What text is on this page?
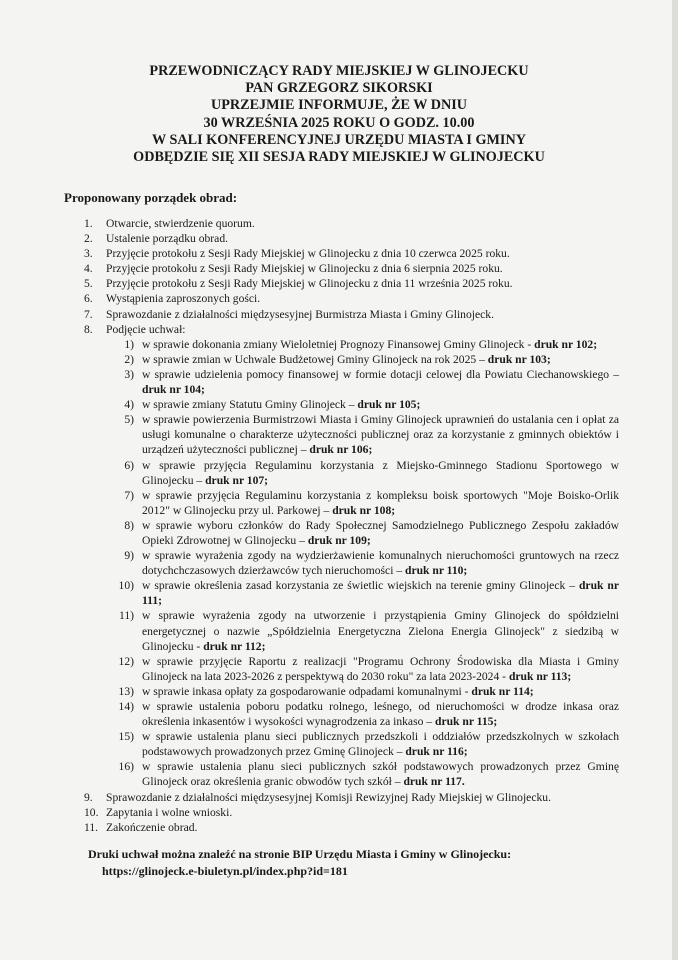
PRZEWODNICZĄCY RADY MIEJSKIEJ W GLINOJECKU
PAN GRZEGORZ SIKORSKI
UPRZEJMIE INFORMUJE, ŻE W DNIU
30 WRZEŚNIA 2025 ROKU O GODZ. 10.00
W SALI KONFERENCYJNEJ URZĘDU MIASTA I GMINY
ODBĘDZIE SIĘ XII SESJA RADY MIEJSKIEJ W GLINOJECKU
Proponowany porządek obrad:
1.	Otwarcie, stwierdzenie quorum.
2.	Ustalenie porządku obrad.
3.	Przyjęcie protokołu z Sesji Rady Miejskiej w Glinojecku z dnia 10 czerwca 2025 roku.
4.	Przyjęcie protokołu z Sesji Rady Miejskiej w Glinojecku z dnia 6 sierpnia 2025 roku.
5.	Przyjęcie protokołu z Sesji Rady Miejskiej w Glinojecku z dnia 11 września 2025 roku.
6.	Wystąpienia zaproszonych gości.
7.	Sprawozdanie z działalności międzysesyjnej Burmistrza Miasta i Gminy Glinojeck.
8.	Podjęcie uchwał:
1) w sprawie dokonania zmiany Wieloletniej Prognozy Finansowej Gminy Glinojeck - druk nr 102;
2) w sprawie zmian w Uchwale Budżetowej Gminy Glinojeck na rok 2025 – druk nr 103;
3) w sprawie udzielenia pomocy finansowej w formie dotacji celowej dla Powiatu Ciechanowskiego – druk nr 104;
4) w sprawie zmiany Statutu Gminy Glinojeck – druk nr 105;
5) w sprawie powierzenia Burmistrzowi Miasta i Gminy Glinojeck uprawnień do ustalania cen i opłat za usługi komunalne o charakterze użyteczności publicznej oraz za korzystanie z gminnych obiektów i urządzeń użyteczności publicznej – druk nr 106;
6) w sprawie przyjęcia Regulaminu korzystania z Miejsko-Gminnego Stadionu Sportowego w Glinojecku – druk nr 107;
7) w sprawie przyjęcia Regulaminu korzystania z kompleksu boisk sportowych "Moje Boisko-Orlik 2012" w Glinojecku przy ul. Parkowej – druk nr 108;
8) w sprawie wyboru członków do Rady Społecznej Samodzielnego Publicznego Zespołu zakładów Opieki Zdrowotnej w Glinojecku – druk nr 109;
9) w sprawie wyrażenia zgody na wydzierżawienie komunalnych nieruchomości gruntowych na rzecz dotychchczasowych dzierżawców tych nieruchomości – druk nr 110;
10) w sprawie określenia zasad korzystania ze świetlic wiejskich na terenie gminy Glinojeck – druk nr 111;
11) w sprawie wyrażenia zgody na utworzenie i przystąpienia Gminy Glinojeck do spółdzielni energetycznej o nazwie „Spółdzielnia Energetyczna Zielona Energia Glinojeck" z siedzibą w Glinojecku - druk nr 112;
12) w sprawie przyjęcie Raportu z realizacji "Programu Ochrony Środowiska dla Miasta i Gminy Glinojeck na lata 2023-2026 z perspektywą do 2030 roku" za lata 2023-2024 - druk nr 113;
13) w sprawie inkasa opłaty za gospodarowanie odpadami komunalnymi - druk nr 114;
14) w sprawie ustalenia poboru podatku rolnego, leśnego, od nieruchomości w drodze inkasa oraz określenia inkasentów i wysokości wynagrodzenia za inkaso – druk nr 115;
15) w sprawie ustalenia planu sieci publicznych przedszkoli i oddziałów przedszkolnych w szkołach podstawowych prowadzonych przez Gminę Glinojeck – druk nr 116;
16) w sprawie ustalenia planu sieci publicznych szkół podstawowych prowadzonych przez Gminę Glinojeck oraz określenia granic obwodów tych szkół – druk nr 117.
9.	Sprawozdanie z działalności międzysesyjnej Komisji Rewizyjnej Rady Miejskiej w Glinojecku.
10. Zapytania i wolne wnioski.
11. Zakończenie obrad.
Druki uchwał można znaleźć na stronie BIP Urzędu Miasta i Gminy w Glinojecku:
https://glinojeck.e-biuletyn.pl/index.php?id=181
